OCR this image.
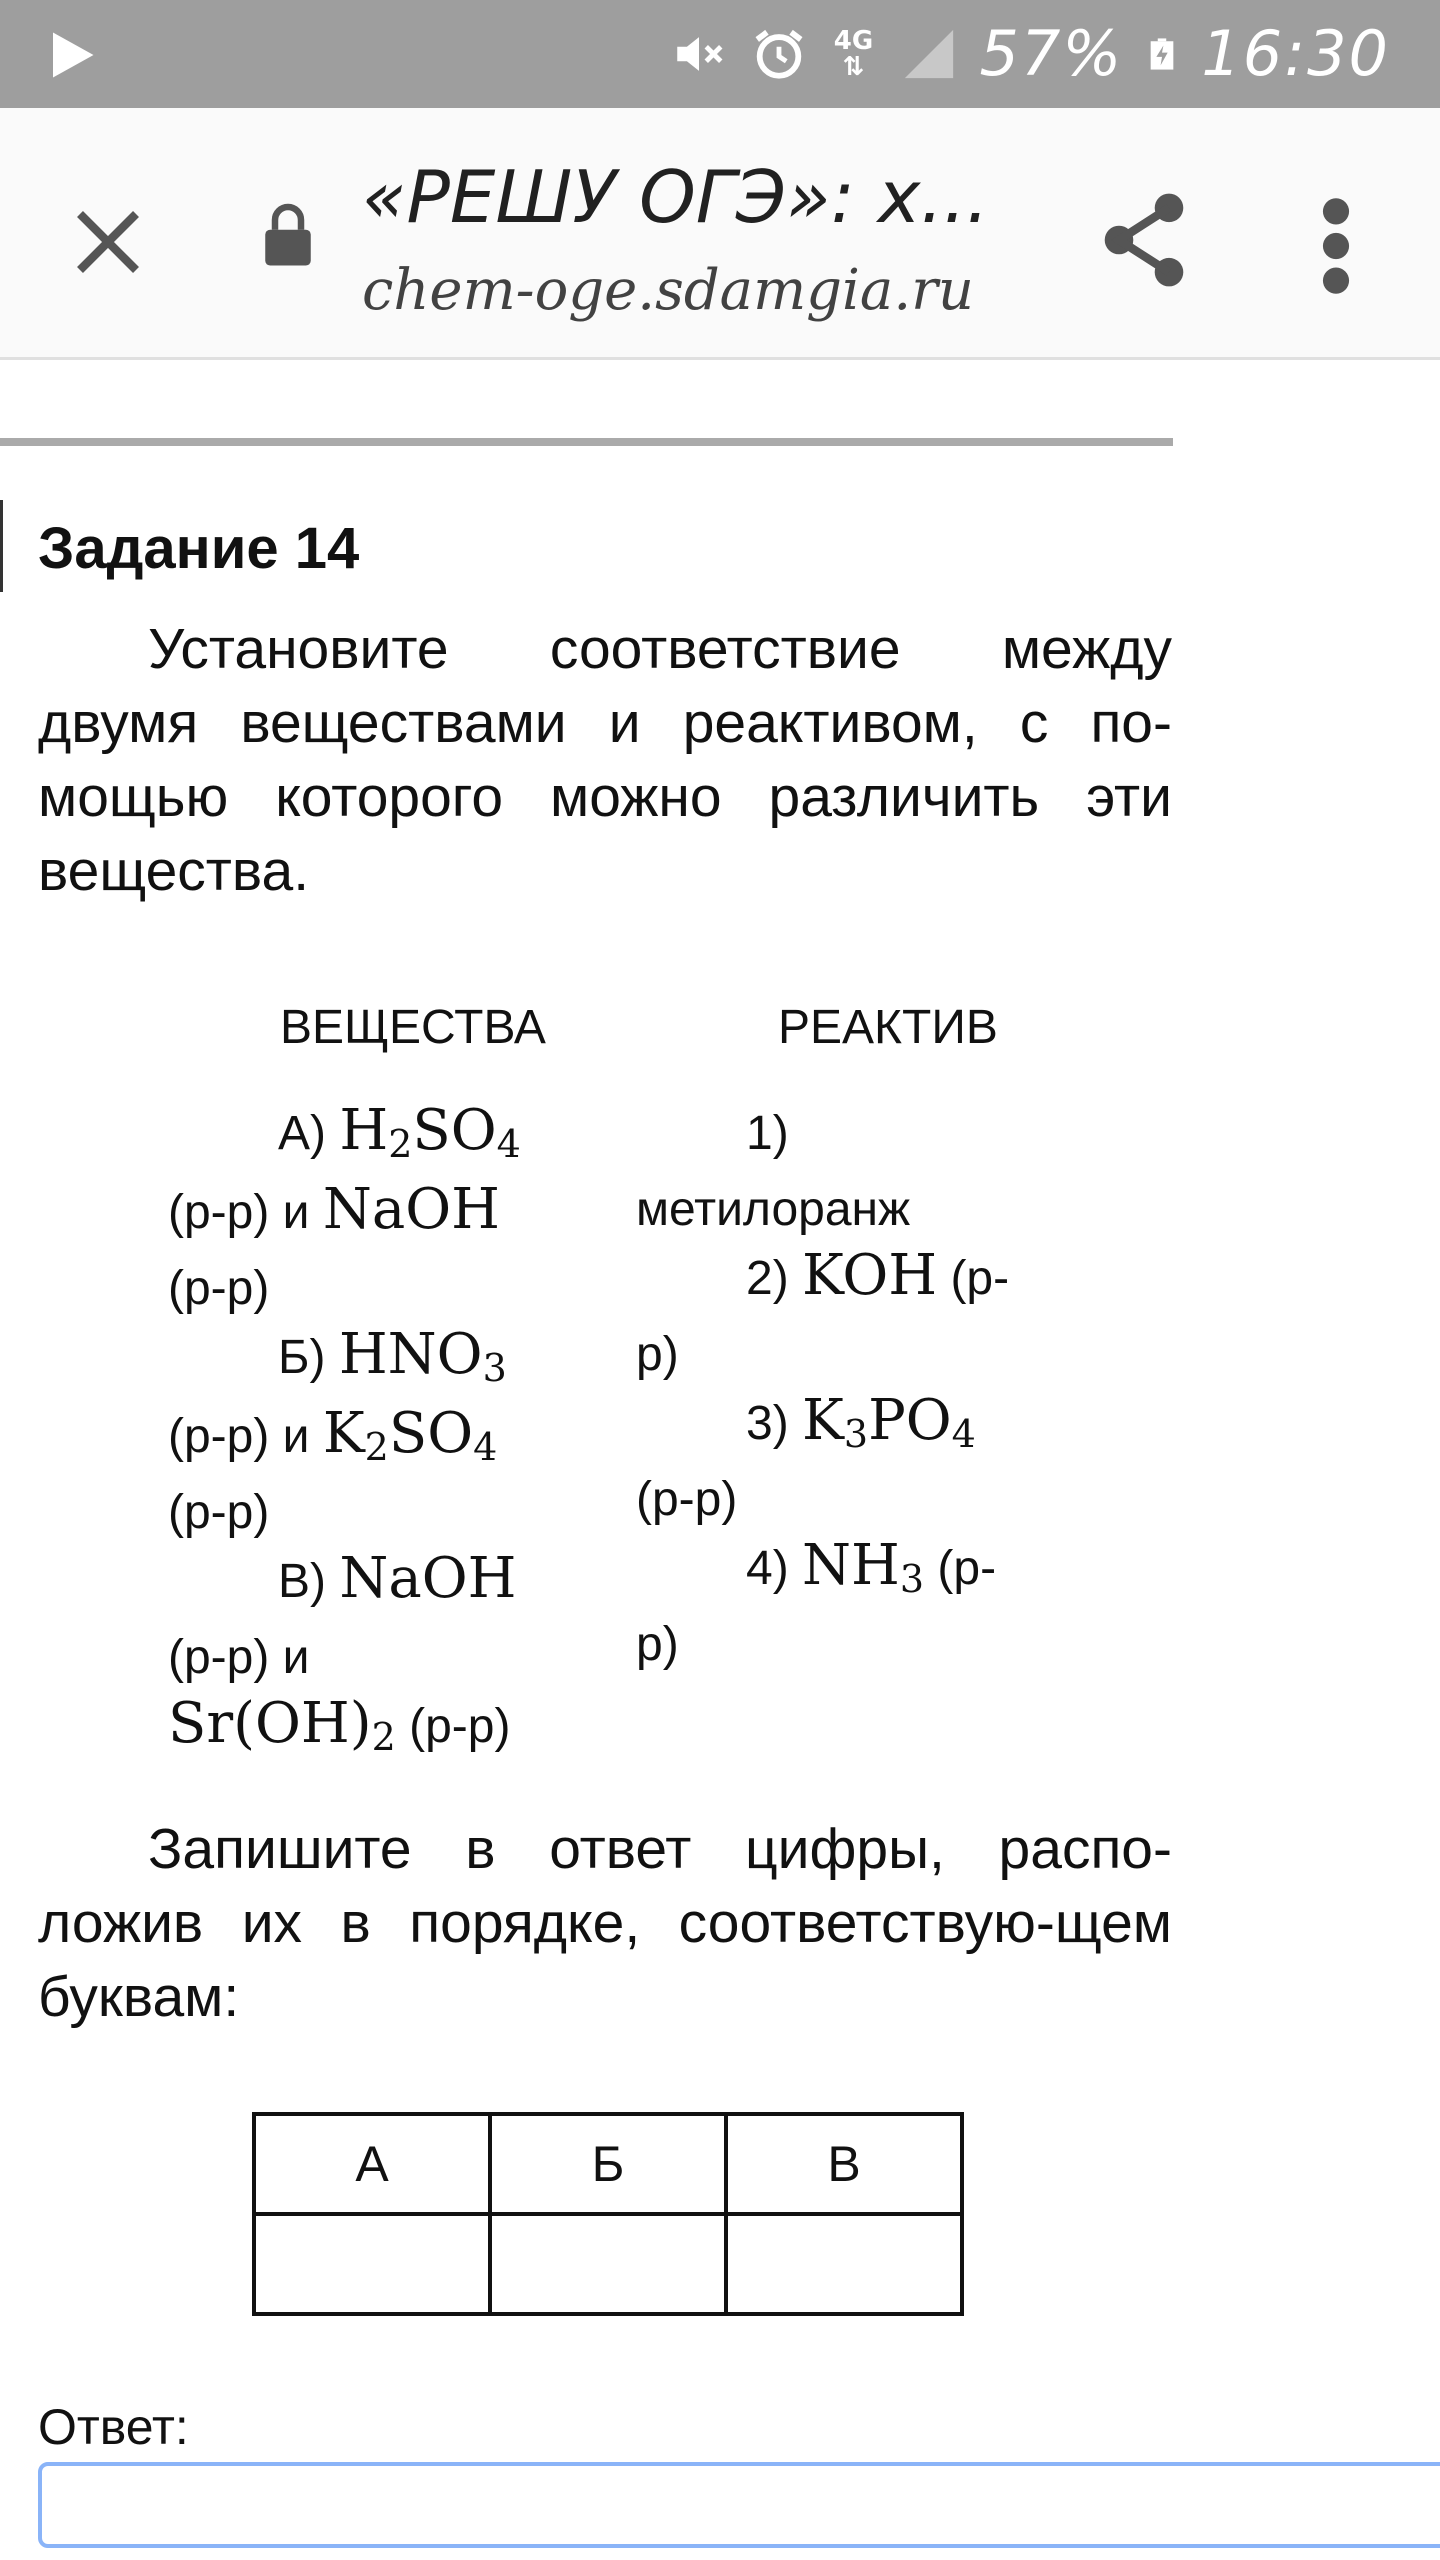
4G
⇅ 57% 16:30
«РЕШУ ОГЭ»: х...
chem-oge.sdamgia.ru
Задание 14
Установите соответствие между двумя веществами и реактивом, с по-мощью которого можно различить эти вещества.
ВЕЩЕСТВА	РЕАКТИВ
А) $H_2SO_4$ (р-р) и NaOH (р-р)
Б) $HNO_3$ (р-р) и $K_2SO_4$ (р-р)
В) NaOH (р-р) и $Sr(OH)_2$ (р-р)
1) метилоранж
2) KOH (р-р)
3) $K_3PO_4$ (р-р)
4) $NH_3$ (р-р)
Запишите в ответ цифры, распо-ложив их в порядке, соответствую-щем буквам:
А	Б	В

Ответ:
